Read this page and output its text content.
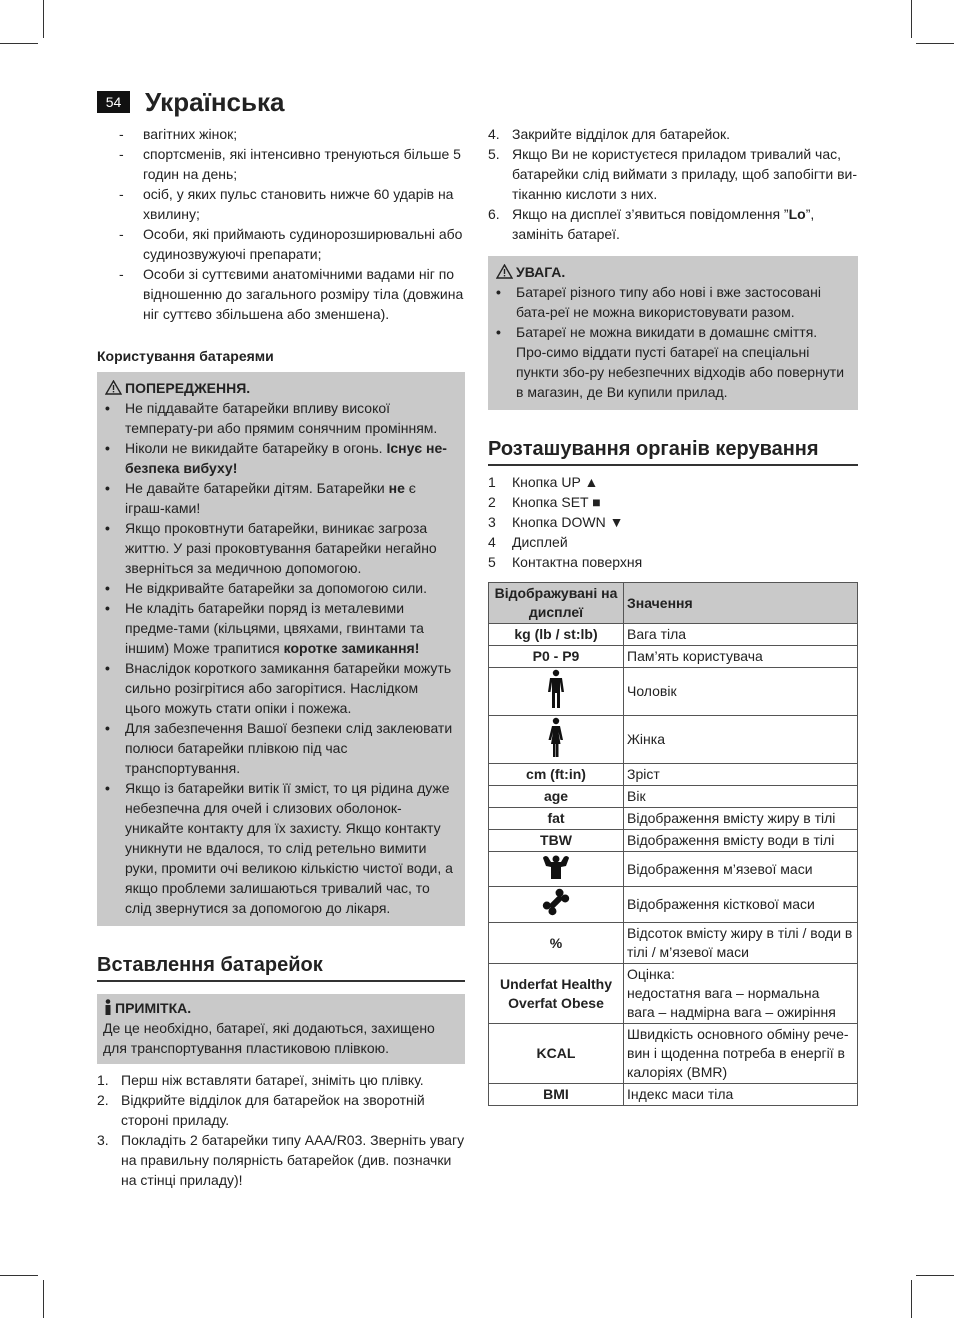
54 Українська
- вагітних жінок;
- спортсменів, які інтенсивно тренуються більше 5 годин на день;
- осіб, у яких пульс становить нижче 60 ударів на хвилину;
- Особи, які приймають судинорозширювальні або судинозвужуючі препарати;
- Особи зі суттєвими анатомічними вадами ніг по відношенню до загального розміру тіла (довжина ніг суттєво збільшена або зменшена).
Користування батареями
ПОПЕРЕДЖЕННЯ.
• Не піддавайте батарейки впливу високої температу-ри або прямим сонячним промінням.
• Ніколи не викидайте батарейку в огонь. Існує не-безпека вибуху!
• Не давайте батарейки дітям. Батарейки не є іграш-ками!
• Якщо проковтнути батарейки, виникає загроза життю. У разі проковтування батарейки негайно зверніться за медичною допомогою.
• Не відкривайте батарейки за допомогою сили.
• Не кладіть батарейки поряд із металевими предме-тами (кільцями, цвяхами, гвинтами та іншим) Може трапитися коротке замикання!
• Внаслідок короткого замикання батарейки можуть сильно розігрітися або загорітися. Наслідком цього можуть стати опіки і пожежа.
• Для забезпечення Вашої безпеки слід заклеювати полюси батарейки плівкою під час транспортування.
• Якщо із батарейки витік її зміст, то ця рідина дуже небезпечна для очей і слизових оболонок- уникайте контакту для їх захисту. Якщо контакту уникнути не вдалося, то слід ретельно вимити руки, промити очі великою кількістю чистої води, а якщо проблеми залишаються тривалий час, то слід звернутися за допомогою до лікаря.
Вставлення батарейок
ПРИМІТКА.
Де це необхідно, батареї, які додаються, захищено для транспортування пластиковою плівкою.
1. Перш ніж вставляти батареї, зніміть цю плівку.
2. Відкрийте відділок для батарейок на зворотній стороні приладу.
3. Покладіть 2 батарейки типу AAA/R03. Зверніть увагу на правильну полярність батарейок (див. позначки на стінці приладу)!
4. Закрийте відділок для батарейок.
5. Якщо Ви не користуєтеся приладом тривалий час, батарейки слід виймати з приладу, щоб запобігти ви-тіканню кислоти з них.
6. Якщо на дисплеї з’явиться повідомлення ”Lo”, замініть батареї.
УВАГА.
• Батареї різного типу або нові і вже застосовані бата-реї не можна використовувати разом.
• Батареї не можна викидати в домашнє сміття. Про-симо віддати пусті батареї на спеціальні пункти збо-ру небезпечних відходів або повернути в магазин, де Ви купили прилад.
Розташування органів керування
1 Кнопка UP ▲
2 Кнопка SET ■
3 Кнопка DOWN ▼
4 Дисплей
5 Контактна поверхня
Відображувані на дисплеї	Значення
kg (lb / st:lb)	Вага тіла
P0 - P9	Пам’ять користувача
	Чоловік
	Жінка
cm (ft:in)	Зріст
age	Вік
fat	Відображення вмісту жиру в тілі
TBW	Відображення вмісту води в тілі
	Відображення м’язевої маси
	Відображення кісткової маси
%	Відсоток вмісту жиру в тілі / води в тілі / м’язевої маси
Underfat Healthy Overfat Obese	Оцінка:
недостатня вага – нормальна
вага – надмірна вага – ожиріння
KCAL	Швидкість основного обміну рече-вин і щоденна потреба в енергії в калоріях (BMR)
BMI	Індекс маси тіла
